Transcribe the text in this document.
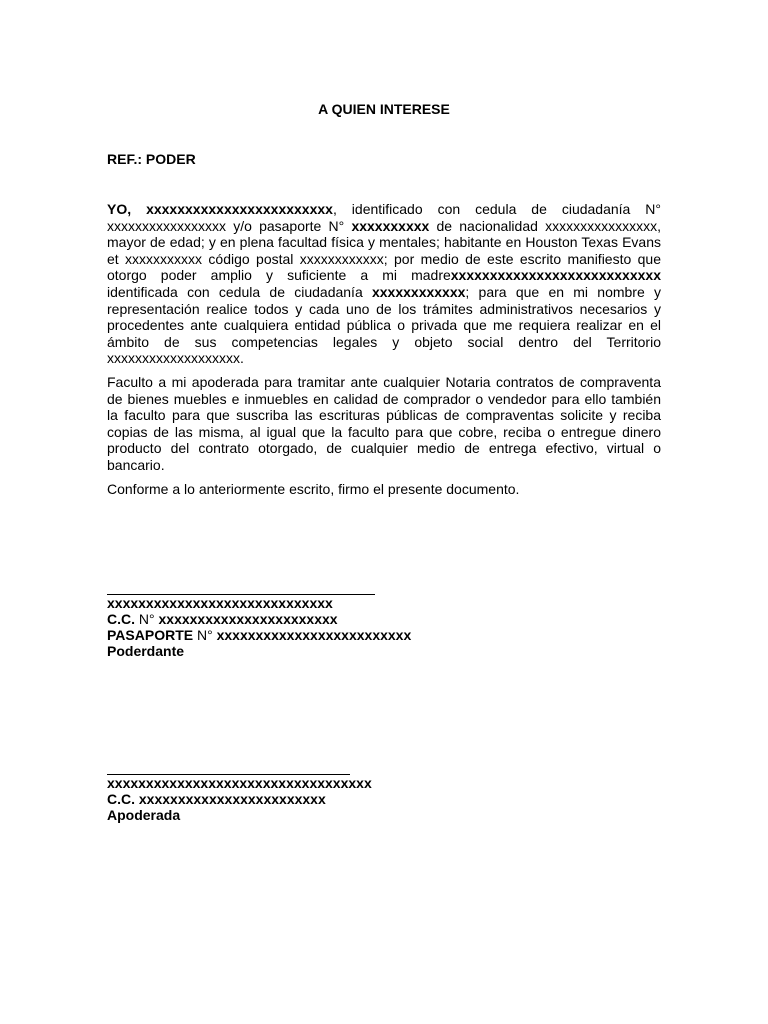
A QUIEN INTERESE
REF.: PODER

YO, xxxxxxxxxxxxxxxxxxxxxxxx, identificado con cedula de ciudadanía N° xxxxxxxxxxxxxxxxx y/o pasaporte N° xxxxxxxxxx de nacionalidad xxxxxxxxxxxxxxxx, mayor de edad; y en plena facultad física y mentales; habitante en Houston Texas Evans et xxxxxxxxxxx código postal xxxxxxxxxxxx; por medio de este escrito manifiesto que otorgo poder amplio y suficiente a mi madrexxxxxxxxxxxxxxxxxxxxxxxxxxx identificada con cedula de ciudadanía xxxxxxxxxxxx; para que en mi nombre y representación realice todos y cada uno de los trámites administrativos necesarios y procedentes ante cualquiera entidad pública o privada que me requiera realizar en el ámbito de sus competencias legales y objeto social dentro del Territorio xxxxxxxxxxxxxxxxxxx.

Faculto a mi apoderada para tramitar ante cualquier Notaria contratos de compraventa de bienes muebles e inmuebles en calidad de comprador o vendedor para ello también la faculto para que suscriba las escrituras públicas de compraventas solicite y reciba copias de las misma, al igual que la faculto para que cobre, reciba o entregue dinero producto del contrato otorgado, de cualquier medio de entrega efectivo, virtual o bancario.

Conforme a lo anteriormente escrito, firmo el presente documento.

xxxxxxxxxxxxxxxxxxxxxxxxxxxxx
C.C. N° xxxxxxxxxxxxxxxxxxxxxxx
PASAPORTE N° xxxxxxxxxxxxxxxxxxxxxxxxx
Poderdante
xxxxxxxxxxxxxxxxxxxxxxxxxxxxxxxxxx
C.C. xxxxxxxxxxxxxxxxxxxxxxxx
Apoderada
